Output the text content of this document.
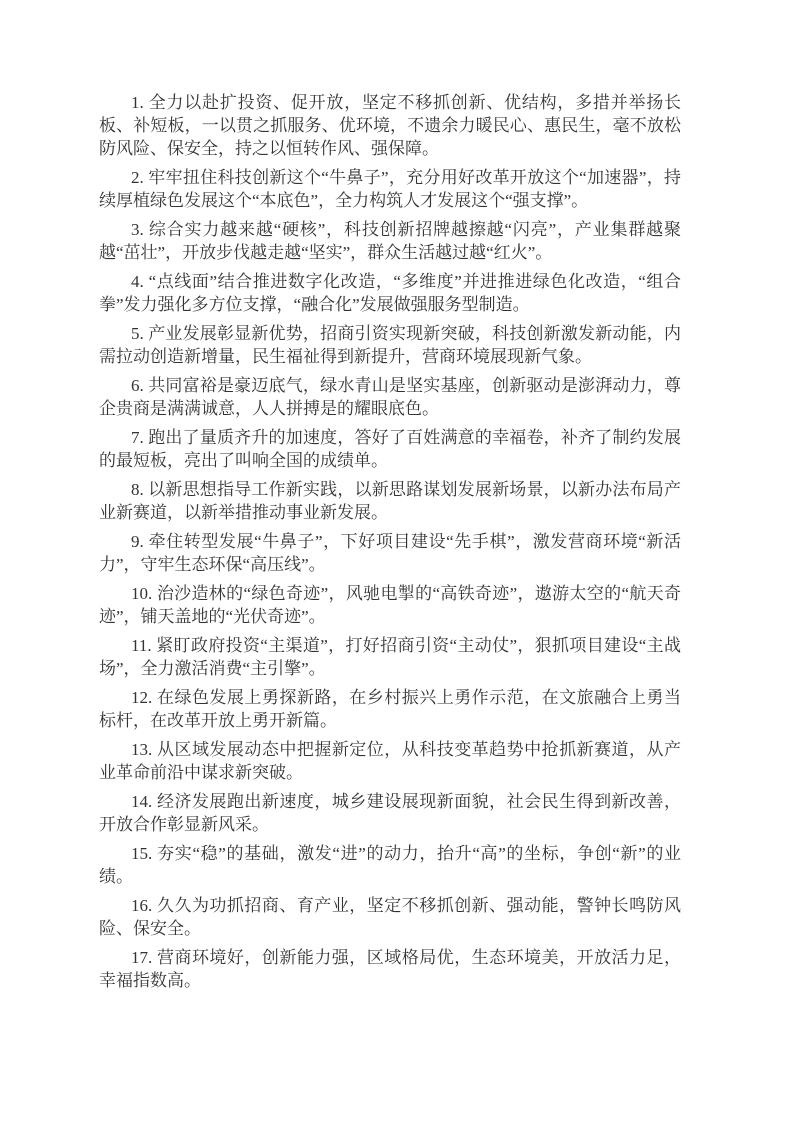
1. 全力以赴扩投资、促开放，坚定不移抓创新、优结构，多措并举扬长板、补短板，一以贯之抓服务、优环境，不遗余力暖民心、惠民生，毫不放松防风险、保安全，持之以恒转作风、强保障。

2. 牢牢扭住科技创新这个“牛鼻子”，充分用好改革开放这个“加速器”，持续厚植绿色发展这个“本底色”，全力构筑人才发展这个“强支撑”。

3. 综合实力越来越“硬核”，科技创新招牌越擦越“闪亮”，产业集群越聚越“茁壮”，开放步伐越走越“坚实”，群众生活越过越“红火”。

4. “点线面”结合推进数字化改造，“多维度”并进推进绿色化改造，“组合拳”发力强化多方位支撑，“融合化”发展做强服务型制造。

5. 产业发展彰显新优势，招商引资实现新突破，科技创新激发新动能，内需拉动创造新增量，民生福祉得到新提升，营商环境展现新气象。

6. 共同富裕是豪迈底气，绿水青山是坚实基座，创新驱动是澎湃动力，尊企贵商是满满诚意，人人拼搏是的耀眼底色。

7. 跑出了量质齐升的加速度，答好了百姓满意的幸福卷，补齐了制约发展的最短板，亮出了叫响全国的成绩单。

8. 以新思想指导工作新实践，以新思路谋划发展新场景，以新办法布局产业新赛道，以新举措推动事业新发展。

9. 牵住转型发展“牛鼻子”，下好项目建设“先手棋”，激发营商环境“新活力”，守牢生态环保“高压线”。

10. 治沙造林的“绿色奇迹”，风驰电掣的“高铁奇迹”，遨游太空的“航天奇迹”，铺天盖地的“光伏奇迹”。

11. 紧盯政府投资“主渠道”，打好招商引资“主动仗”，狠抓项目建设“主战场”，全力激活消费“主引擎”。

12. 在绿色发展上勇探新路，在乡村振兴上勇作示范，在文旅融合上勇当标杆，在改革开放上勇开新篇。

13. 从区域发展动态中把握新定位，从科技变革趋势中抢抓新赛道，从产业革命前沿中谋求新突破。

14. 经济发展跑出新速度，城乡建设展现新面貌，社会民生得到新改善，开放合作彰显新风采。

15. 夯实“稳”的基础，激发“进”的动力，抬升“高”的坐标，争创“新”的业绩。

16. 久久为功抓招商、育产业，坚定不移抓创新、强动能，警钟长鸣防风险、保安全。

17. 营商环境好，创新能力强，区域格局优，生态环境美，开放活力足，幸福指数高。
